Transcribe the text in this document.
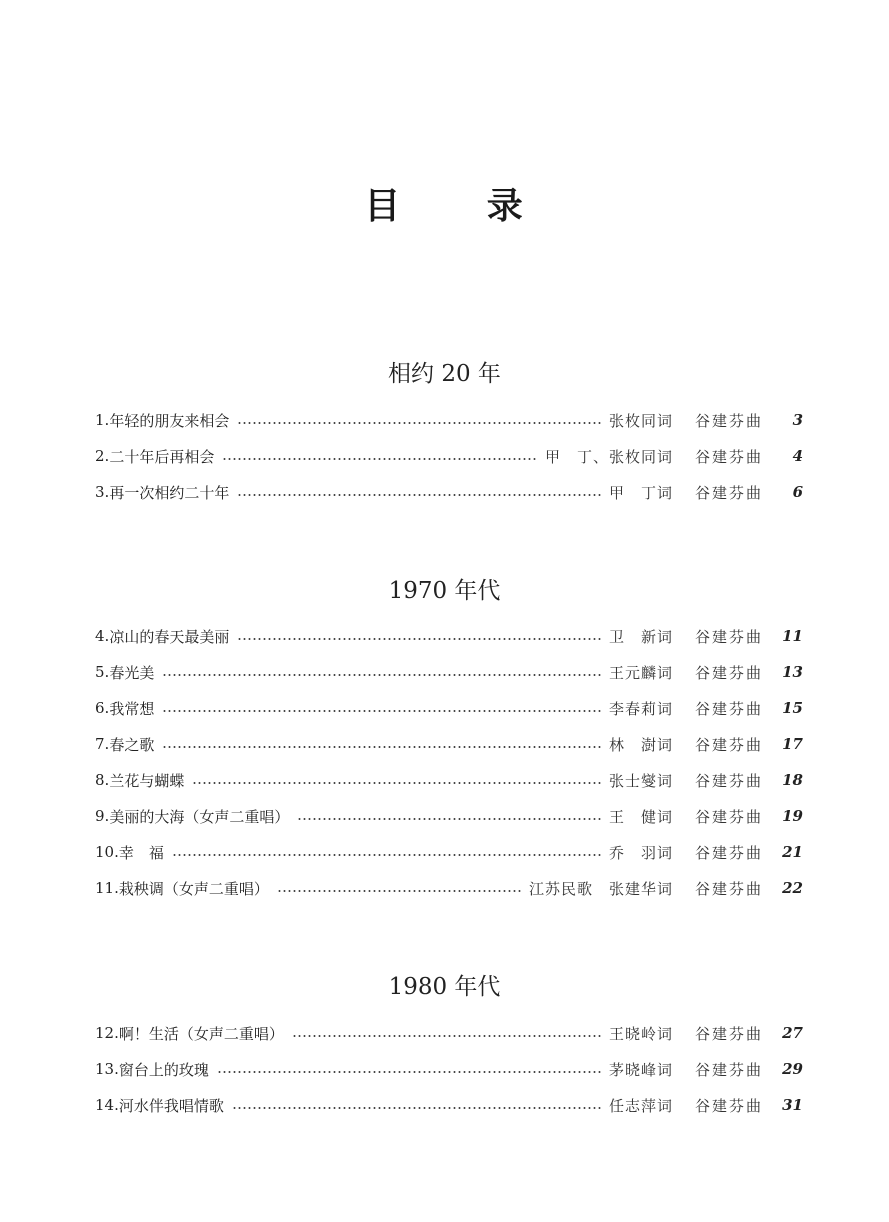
目 录
相约 20 年
1. 年轻的朋友来相会	张枚同词	谷建芬曲	3
2. 二十年后再相会	甲　丁、张枚同词	谷建芬曲	4
3. 再一次相约二十年	甲　丁词	谷建芬曲	6
1970 年代
4. 凉山的春天最美丽	卫　新词	谷建芬曲	11
5. 春光美	王元麟词	谷建芬曲	13
6. 我常想	李春莉词	谷建芬曲	15
7. 春之歌	林　澍词	谷建芬曲	17
8. 兰花与蝴蝶	张士燮词	谷建芬曲	18
9. 美丽的大海（女声二重唱）	王　健词	谷建芬曲	19
10. 幸　福	乔　羽词	谷建芬曲	21
11. 栽秧调（女声二重唱）	江苏民歌　张建华词	谷建芬曲	22
1980 年代
12. 啊！生活（女声二重唱）	王晓岭词	谷建芬曲	27
13. 窗台上的玫瑰	茅晓峰词	谷建芬曲	29
14. 河水伴我唱情歌	任志萍词	谷建芬曲	31
